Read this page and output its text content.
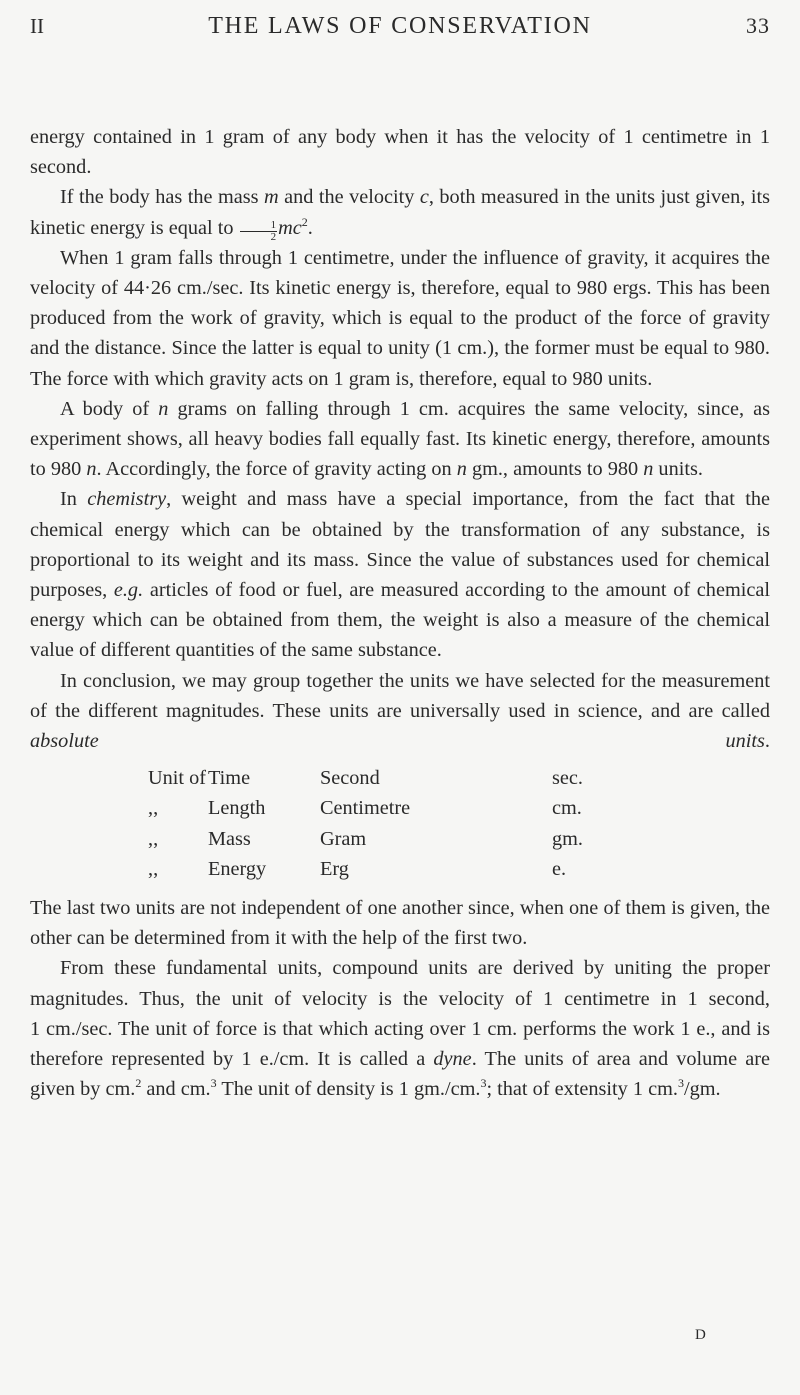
II	THE LAWS OF CONSERVATION	33

energy contained in 1 gram of any body when it has the velocity of 1 centimetre in 1 second.

If the body has the mass m and the velocity c, both measured in the units just given, its kinetic energy is equal to $\frac{1}{2} mc^2$.

When 1 gram falls through 1 centimetre, under the influence of gravity, it acquires the velocity of 44·26 cm./sec. Its kinetic energy is, therefore, equal to 980 ergs. This has been produced from the work of gravity, which is equal to the product of the force of gravity and the distance. Since the latter is equal to unity (1 cm.), the former must be equal to 980. The force with which gravity acts on 1 gram is, therefore, equal to 980 units.

A body of n grams on falling through 1 cm. acquires the same velocity, since, as experiment shows, all heavy bodies fall equally fast. Its kinetic energy, therefore, amounts to 980 n. Accordingly, the force of gravity acting on n gm., amounts to 980 n units.

In chemistry, weight and mass have a special importance, from the fact that the chemical energy which can be obtained by the transformation of any substance, is proportional to its weight and its mass. Since the value of substances used for chemical purposes, e.g. articles of food or fuel, are measured according to the amount of chemical energy which can be obtained from them, the weight is also a measure of the chemical value of different quantities of the same substance.

In conclusion, we may group together the units we have selected for the measurement of the different magnitudes. These units are universally used in science, and are called absolute units.

Unit of	Time	Second	sec.
,,	Length	Centimetre	cm.
,,	Mass	Gram	gm.
,,	Energy	Erg	e.

The last two units are not independent of one another since, when one of them is given, the other can be determined from it with the help of the first two.

From these fundamental units, compound units are derived by uniting the proper magnitudes. Thus, the unit of velocity is the velocity of 1 centimetre in 1 second, 1 cm./sec. The unit of force is that which acting over 1 cm. performs the work 1 e., and is therefore represented by 1 e./cm. It is called a dyne. The units of area and volume are given by cm.$^2$ and cm.$^3$ The unit of density is 1 gm./cm.$^3$; that of extensity 1 cm.$^3$/gm.

D
